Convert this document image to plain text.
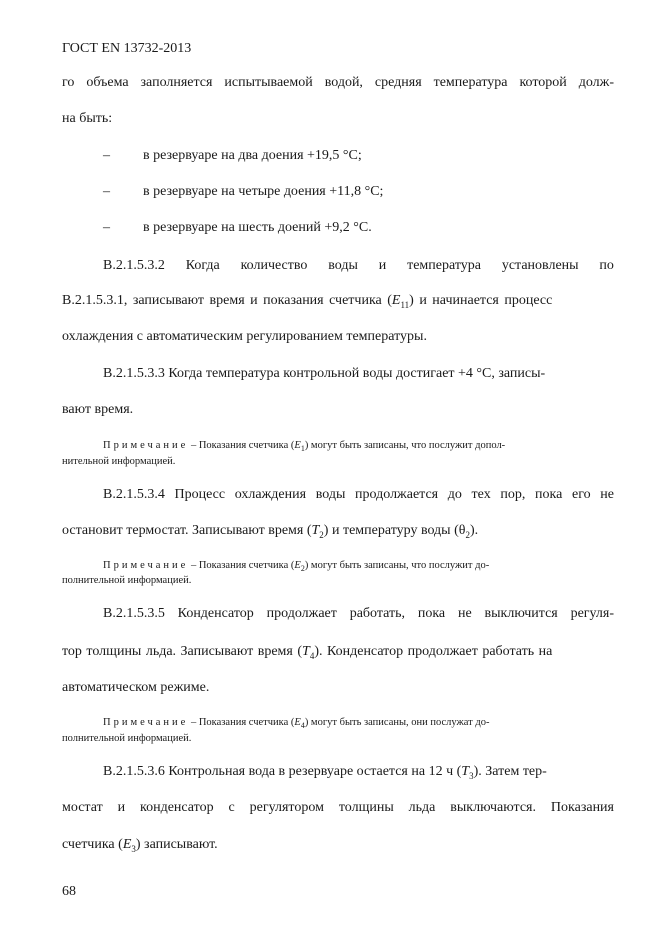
ГОСТ EN 13732-2013
го объема заполняется испытываемой водой, средняя температура которой долж-
на быть:
– в резервуаре на два доения +19,5 °С;
– в резервуаре на четыре доения +11,8 °С;
– в резервуаре на шесть доений +9,2 °С.
В.2.1.5.3.2 Когда количество воды и температура установлены по
В.2.1.5.3.1, записывают время и показания счетчика $(E_{11})$ и начинается процесс
охлаждения с автоматическим регулированием температуры.
В.2.1.5.3.3 Когда температура контрольной воды достигает +4 °С, записы-
вают время.
Примечание – Показания счетчика $(E_1)$ могут быть записаны, что послужит допол-
нительной информацией.
В.2.1.5.3.4 Процесс охлаждения воды продолжается до тех пор, пока его не
остановит термостат. Записывают время $(T_2)$ и температуру воды $(\theta_2)$.
Примечание – Показания счетчика $(E_2)$ могут быть записаны, что послужит до-
полнительной информацией.
В.2.1.5.3.5 Конденсатор продолжает работать, пока не выключится регуля-
тор толщины льда. Записывают время $(T_4)$. Конденсатор продолжает работать на
автоматическом режиме.
Примечание – Показания счетчика $(E_4)$ могут быть записаны, они послужат до-
полнительной информацией.
В.2.1.5.3.6 Контрольная вода в резервуаре остается на 12 ч $(T_3)$. Затем тер-
мостат и конденсатор с регулятором толщины льда выключаются. Показания
счетчика $(E_3)$ записывают.
68
